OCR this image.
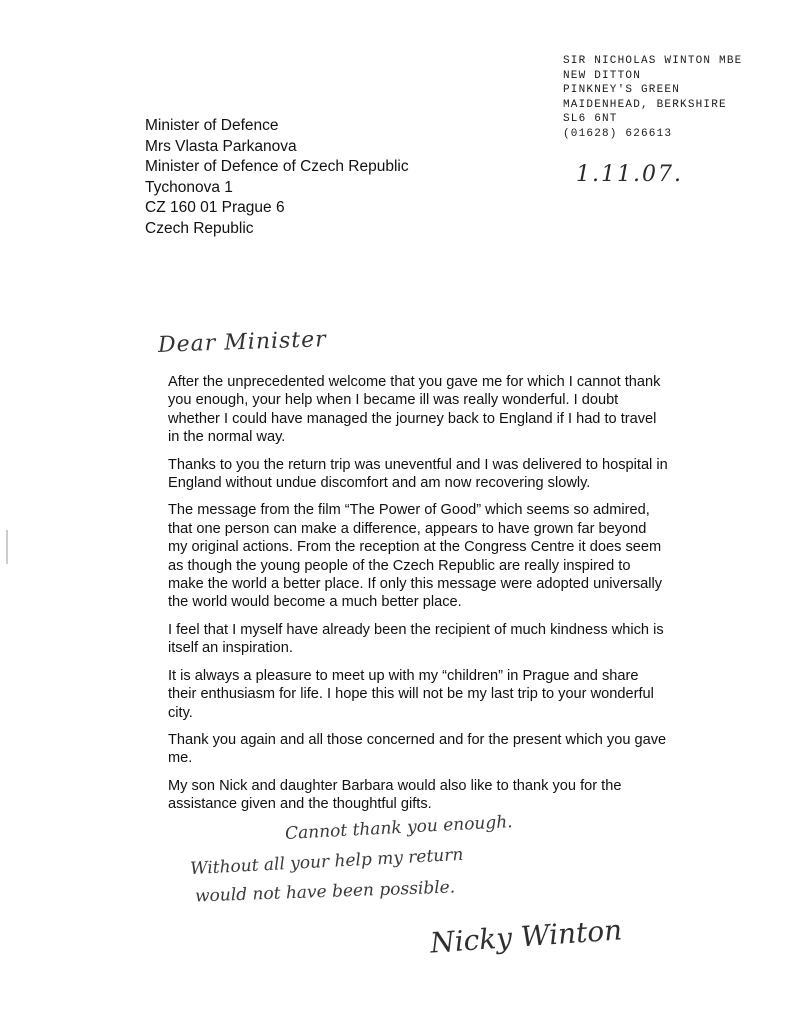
SIR NICHOLAS WINTON MBE
NEW DITTON
PINKNEY'S GREEN
MAIDENHEAD, BERKSHIRE
SL6 6NT
(01628) 626613
1.11.07.
Minister of Defence
Mrs Vlasta Parkanova
Minister of Defence of Czech Republic
Tychonova 1
CZ 160 01 Prague 6
Czech Republic
Dear Minister

After the unprecedented welcome that you gave me for which I cannot thank you enough, your help when I became ill was really wonderful. I doubt whether I could have managed the journey back to England if I had to travel in the normal way.

Thanks to you the return trip was uneventful and I was delivered to hospital in England without undue discomfort and am now recovering slowly.

The message from the film “The Power of Good” which seems so admired, that one person can make a difference, appears to have grown far beyond my original actions. From the reception at the Congress Centre it does seem as though the young people of the Czech Republic are really inspired to make the world a better place. If only this message were adopted universally the world would become a much better place.

I feel that I myself have already been the recipient of much kindness which is itself an inspiration.

It is always a pleasure to meet up with my “children” in Prague and share their enthusiasm for life. I hope this will not be my last trip to your wonderful city.

Thank you again and all those concerned and for the present which you gave me.

My son Nick and daughter Barbara would also like to thank you for the assistance given and the thoughtful gifts.

Cannot thank you enough.
Without all your help my return
would not have been possible.
Nicky Winton
